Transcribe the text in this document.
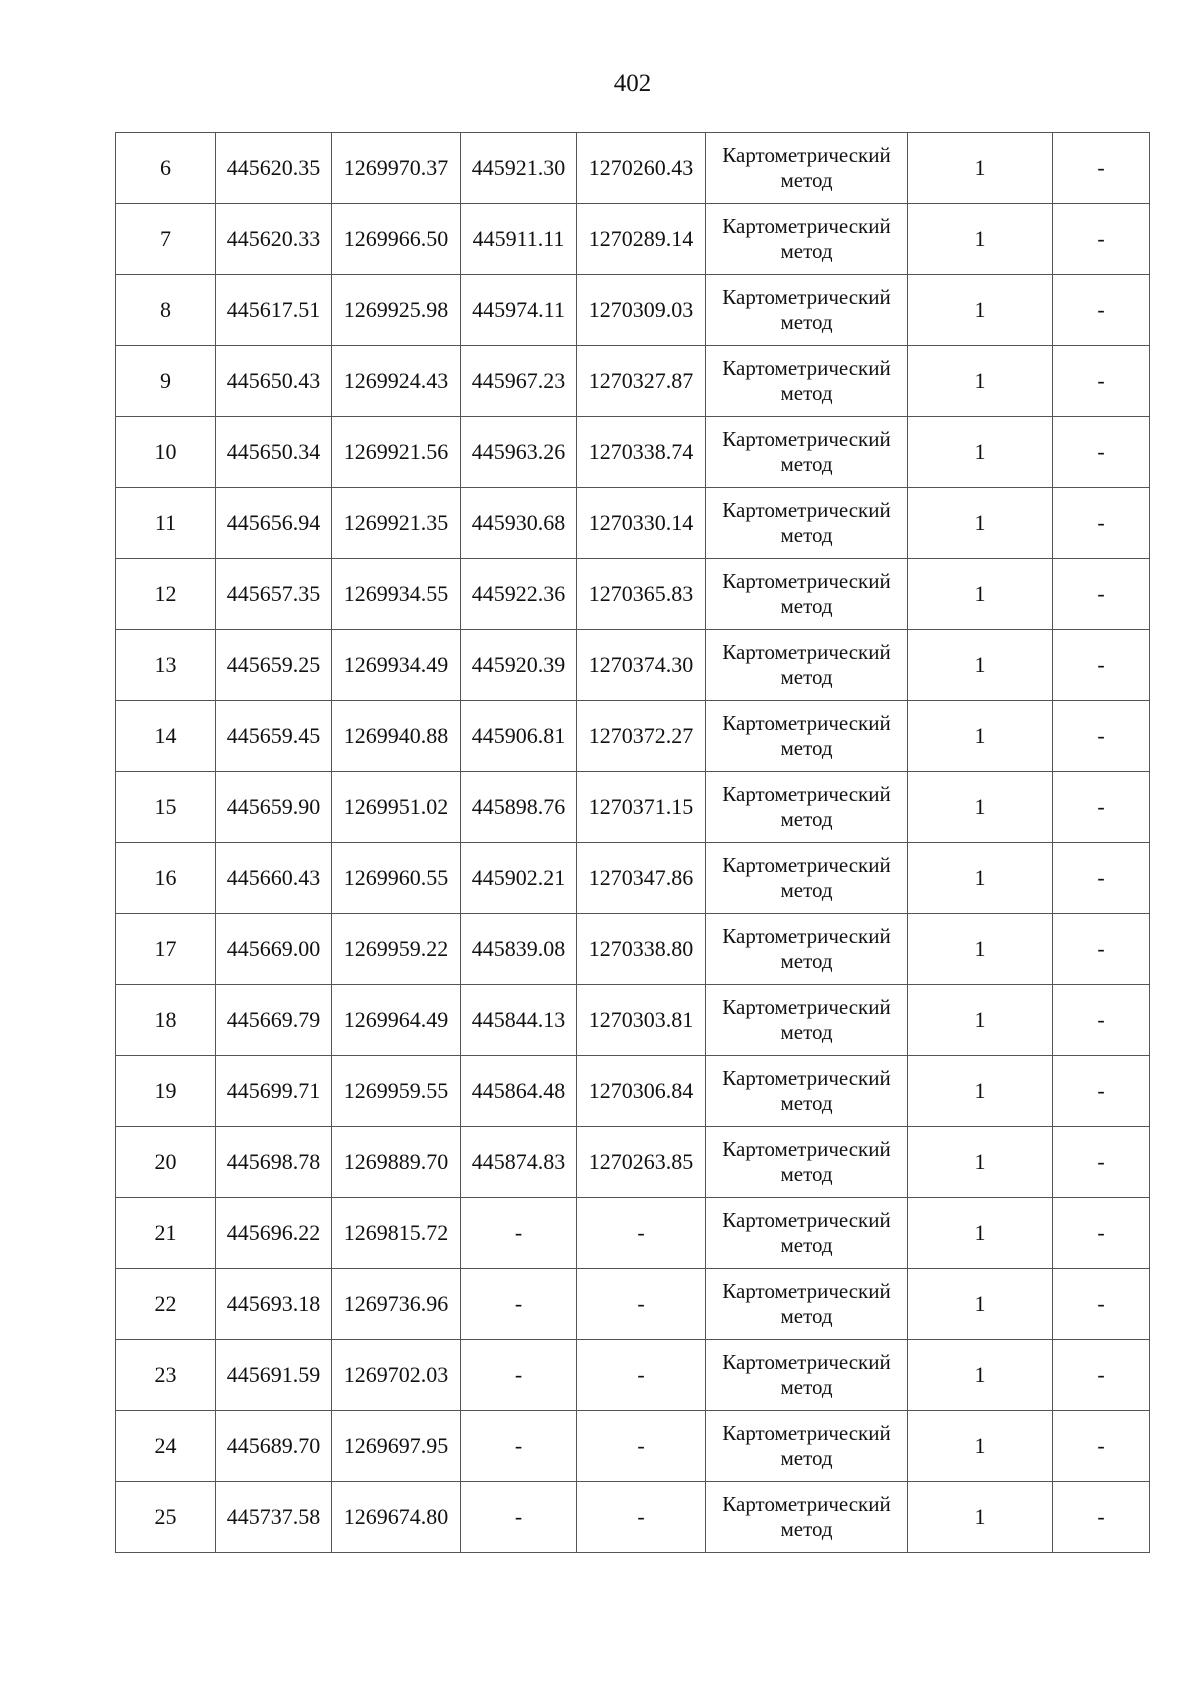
402
6	445620.35	1269970.37	445921.30	1270260.43	Картометрический
метод	1	-
7	445620.33	1269966.50	445911.11	1270289.14	Картометрический
метод	1	-
8	445617.51	1269925.98	445974.11	1270309.03	Картометрический
метод	1	-
9	445650.43	1269924.43	445967.23	1270327.87	Картометрический
метод	1	-
10	445650.34	1269921.56	445963.26	1270338.74	Картометрический
метод	1	-
11	445656.94	1269921.35	445930.68	1270330.14	Картометрический
метод	1	-
12	445657.35	1269934.55	445922.36	1270365.83	Картометрический
метод	1	-
13	445659.25	1269934.49	445920.39	1270374.30	Картометрический
метод	1	-
14	445659.45	1269940.88	445906.81	1270372.27	Картометрический
метод	1	-
15	445659.90	1269951.02	445898.76	1270371.15	Картометрический
метод	1	-
16	445660.43	1269960.55	445902.21	1270347.86	Картометрический
метод	1	-
17	445669.00	1269959.22	445839.08	1270338.80	Картометрический
метод	1	-
18	445669.79	1269964.49	445844.13	1270303.81	Картометрический
метод	1	-
19	445699.71	1269959.55	445864.48	1270306.84	Картометрический
метод	1	-
20	445698.78	1269889.70	445874.83	1270263.85	Картометрический
метод	1	-
21	445696.22	1269815.72	-	-	Картометрический
метод	1	-
22	445693.18	1269736.96	-	-	Картометрический
метод	1	-
23	445691.59	1269702.03	-	-	Картометрический
метод	1	-
24	445689.70	1269697.95	-	-	Картометрический
метод	1	-
25	445737.58	1269674.80	-	-	Картометрический
метод	1	-
